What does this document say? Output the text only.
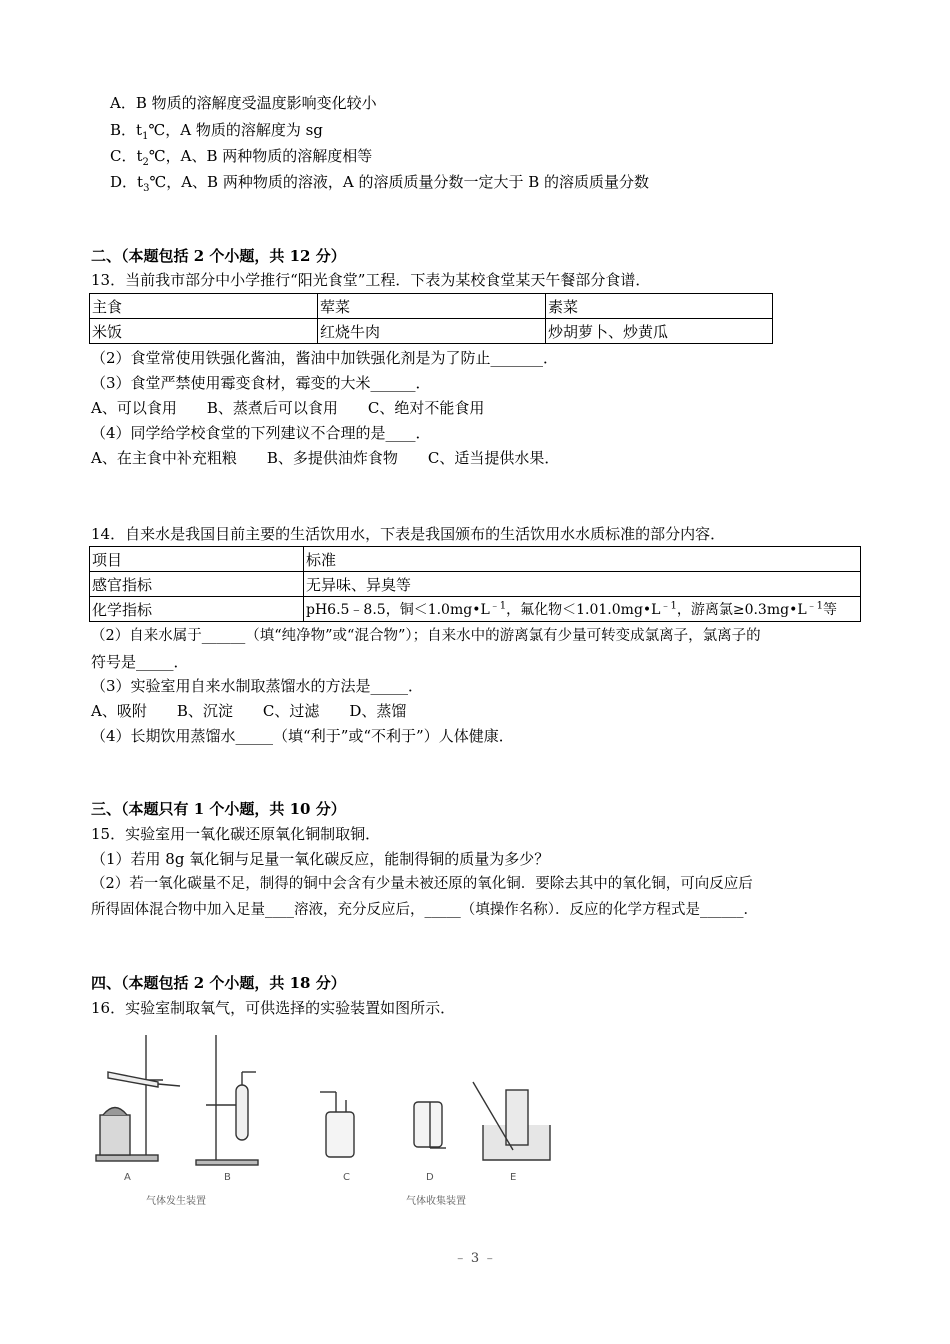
A．B 物质的溶解度受温度影响变化较小
B．$t_1℃$，A 物质的溶解度为 sg
C．$t_2℃$，A、B 两种物质的溶解度相等
D．$t_3℃$，A、B 两种物质的溶液，A 的溶质质量分数一定大于 B 的溶质质量分数
二、（本题包括 2 个小题，共 12 分）
13．当前我市部分中小学推行“阳光食堂”工程．下表为某校食堂某天午餐部分食谱．
主食	荤菜	素菜
米饭	红烧牛肉	炒胡萝卜、炒黄瓜
（2）食堂常使用铁强化酱油，酱油中加铁强化剂是为了防止_______．
（3）食堂严禁使用霉变食材，霉变的大米______．
A、可以食用　　B、蒸煮后可以食用　　C、绝对不能食用
（4）同学给学校食堂的下列建议不合理的是____．
A、在主食中补充粗粮　　B、多提供油炸食物　　C、适当提供水果．
14．自来水是我国目前主要的生活饮用水，下表是我国颁布的生活饮用水水质标准的部分内容．
项目	标准
感官指标	无异味、异臭等
化学指标	pH6.5﹣8.5，铜$<1.0mg•L^{﹣1}$，氟化物$<1.01.0mg•L^{﹣1}$，游离氯$\ge 0.3mg•L^{﹣1}$等
（2）自来水属于______（填“纯净物”或“混合物”）；自来水中的游离氯有少量可转变成氯离子，氯离子的
符号是_____．
（3）实验室用自来水制取蒸馏水的方法是_____．
A、吸附　　B、沉淀　　C、过滤　　D、蒸馏
（4）长期饮用蒸馏水_____（填“利于”或“不利于”）人体健康．
三、（本题只有 1 个小题，共 10 分）
15．实验室用一氧化碳还原氧化铜制取铜．
（1）若用 8g 氧化铜与足量一氧化碳反应，能制得铜的质量为多少？
（2）若一氧化碳量不足，制得的铜中会含有少量未被还原的氧化铜．要除去其中的氧化铜，可向反应后
所得固体混合物中加入足量____溶液，充分反应后，_____（填操作名称）．反应的化学方程式是______．
四、（本题包括 2 个小题，共 18 分）
16．实验室制取氧气，可供选择的实验装置如图所示．
A	B	C	D	E
气体发生装置	气体收集装置
﹣ 3 ﹣
